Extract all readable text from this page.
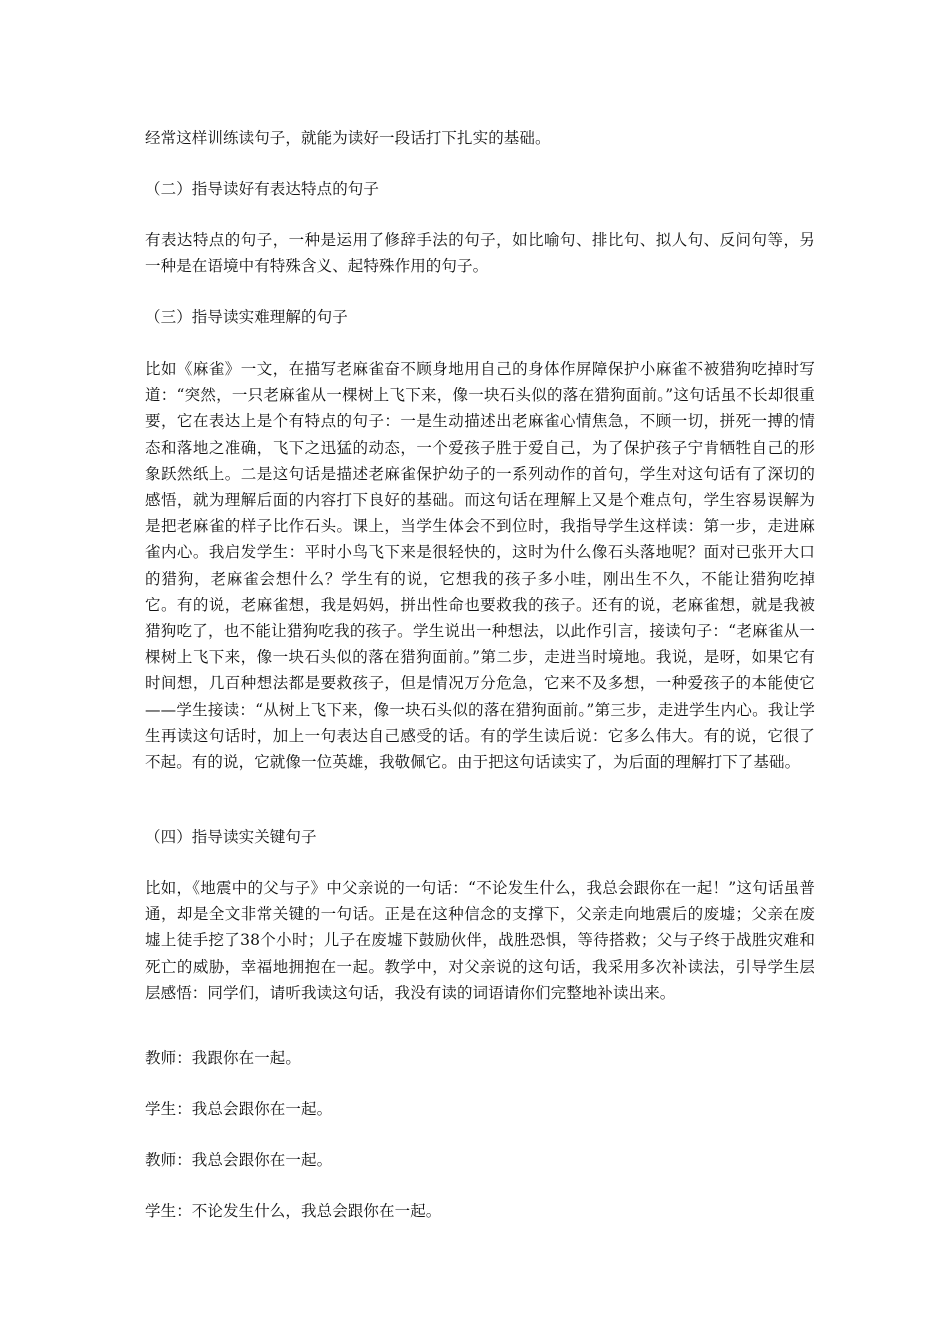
经常这样训练读句子，就能为读好一段话打下扎实的基础。

（二）指导读好有表达特点的句子

有表达特点的句子，一种是运用了修辞手法的句子，如比喻句、排比句、拟人句、反问句等，另一种是在语境中有特殊含义、起特殊作用的句子。

（三）指导读实难理解的句子

比如《麻雀》一文，在描写老麻雀奋不顾身地用自己的身体作屏障保护小麻雀不被猎狗吃掉时写道：“突然，一只老麻雀从一棵树上飞下来，像一块石头似的落在猎狗面前。”这句话虽不长却很重要，它在表达上是个有特点的句子：一是生动描述出老麻雀心情焦急，不顾一切，拼死一搏的情态和落地之准确，飞下之迅猛的动态，一个爱孩子胜于爱自己，为了保护孩子宁肯牺牲自己的形象跃然纸上。二是这句话是描述老麻雀保护幼子的一系列动作的首句，学生对这句话有了深切的感悟，就为理解后面的内容打下良好的基础。而这句话在理解上又是个难点句，学生容易误解为是把老麻雀的样子比作石头。课上，当学生体会不到位时，我指导学生这样读：第一步，走进麻雀内心。我启发学生：平时小鸟飞下来是很轻快的，这时为什么像石头落地呢？面对已张开大口的猎狗，老麻雀会想什么？学生有的说，它想我的孩子多小哇，刚出生不久，不能让猎狗吃掉它。有的说，老麻雀想，我是妈妈，拼出性命也要救我的孩子。还有的说，老麻雀想，就是我被猎狗吃了，也不能让猎狗吃我的孩子。学生说出一种想法，以此作引言，接读句子：“老麻雀从一棵树上飞下来，像一块石头似的落在猎狗面前。”第二步，走进当时境地。我说，是呀，如果它有时间想，几百种想法都是要救孩子，但是情况万分危急，它来不及多想，一种爱孩子的本能使它——学生接读：“从树上飞下来，像一块石头似的落在猎狗面前。”第三步，走进学生内心。我让学生再读这句话时，加上一句表达自己感受的话。有的学生读后说：它多么伟大。有的说，它很了不起。有的说，它就像一位英雄，我敬佩它。由于把这句话读实了，为后面的理解打下了基础。

（四）指导读实关键句子

比如，《地震中的父与子》中父亲说的一句话：“不论发生什么，我总会跟你在一起！”这句话虽普通，却是全文非常关键的一句话。正是在这种信念的支撑下，父亲走向地震后的废墟；父亲在废墟上徒手挖了38个小时；儿子在废墟下鼓励伙伴，战胜恐惧，等待搭救；父与子终于战胜灾难和死亡的威胁，幸福地拥抱在一起。教学中，对父亲说的这句话，我采用多次补读法，引导学生层层感悟：同学们，请听我读这句话，我没有读的词语请你们完整地补读出来。

教师：我跟你在一起。

学生：我总会跟你在一起。

教师：我总会跟你在一起。

学生：不论发生什么，我总会跟你在一起。
